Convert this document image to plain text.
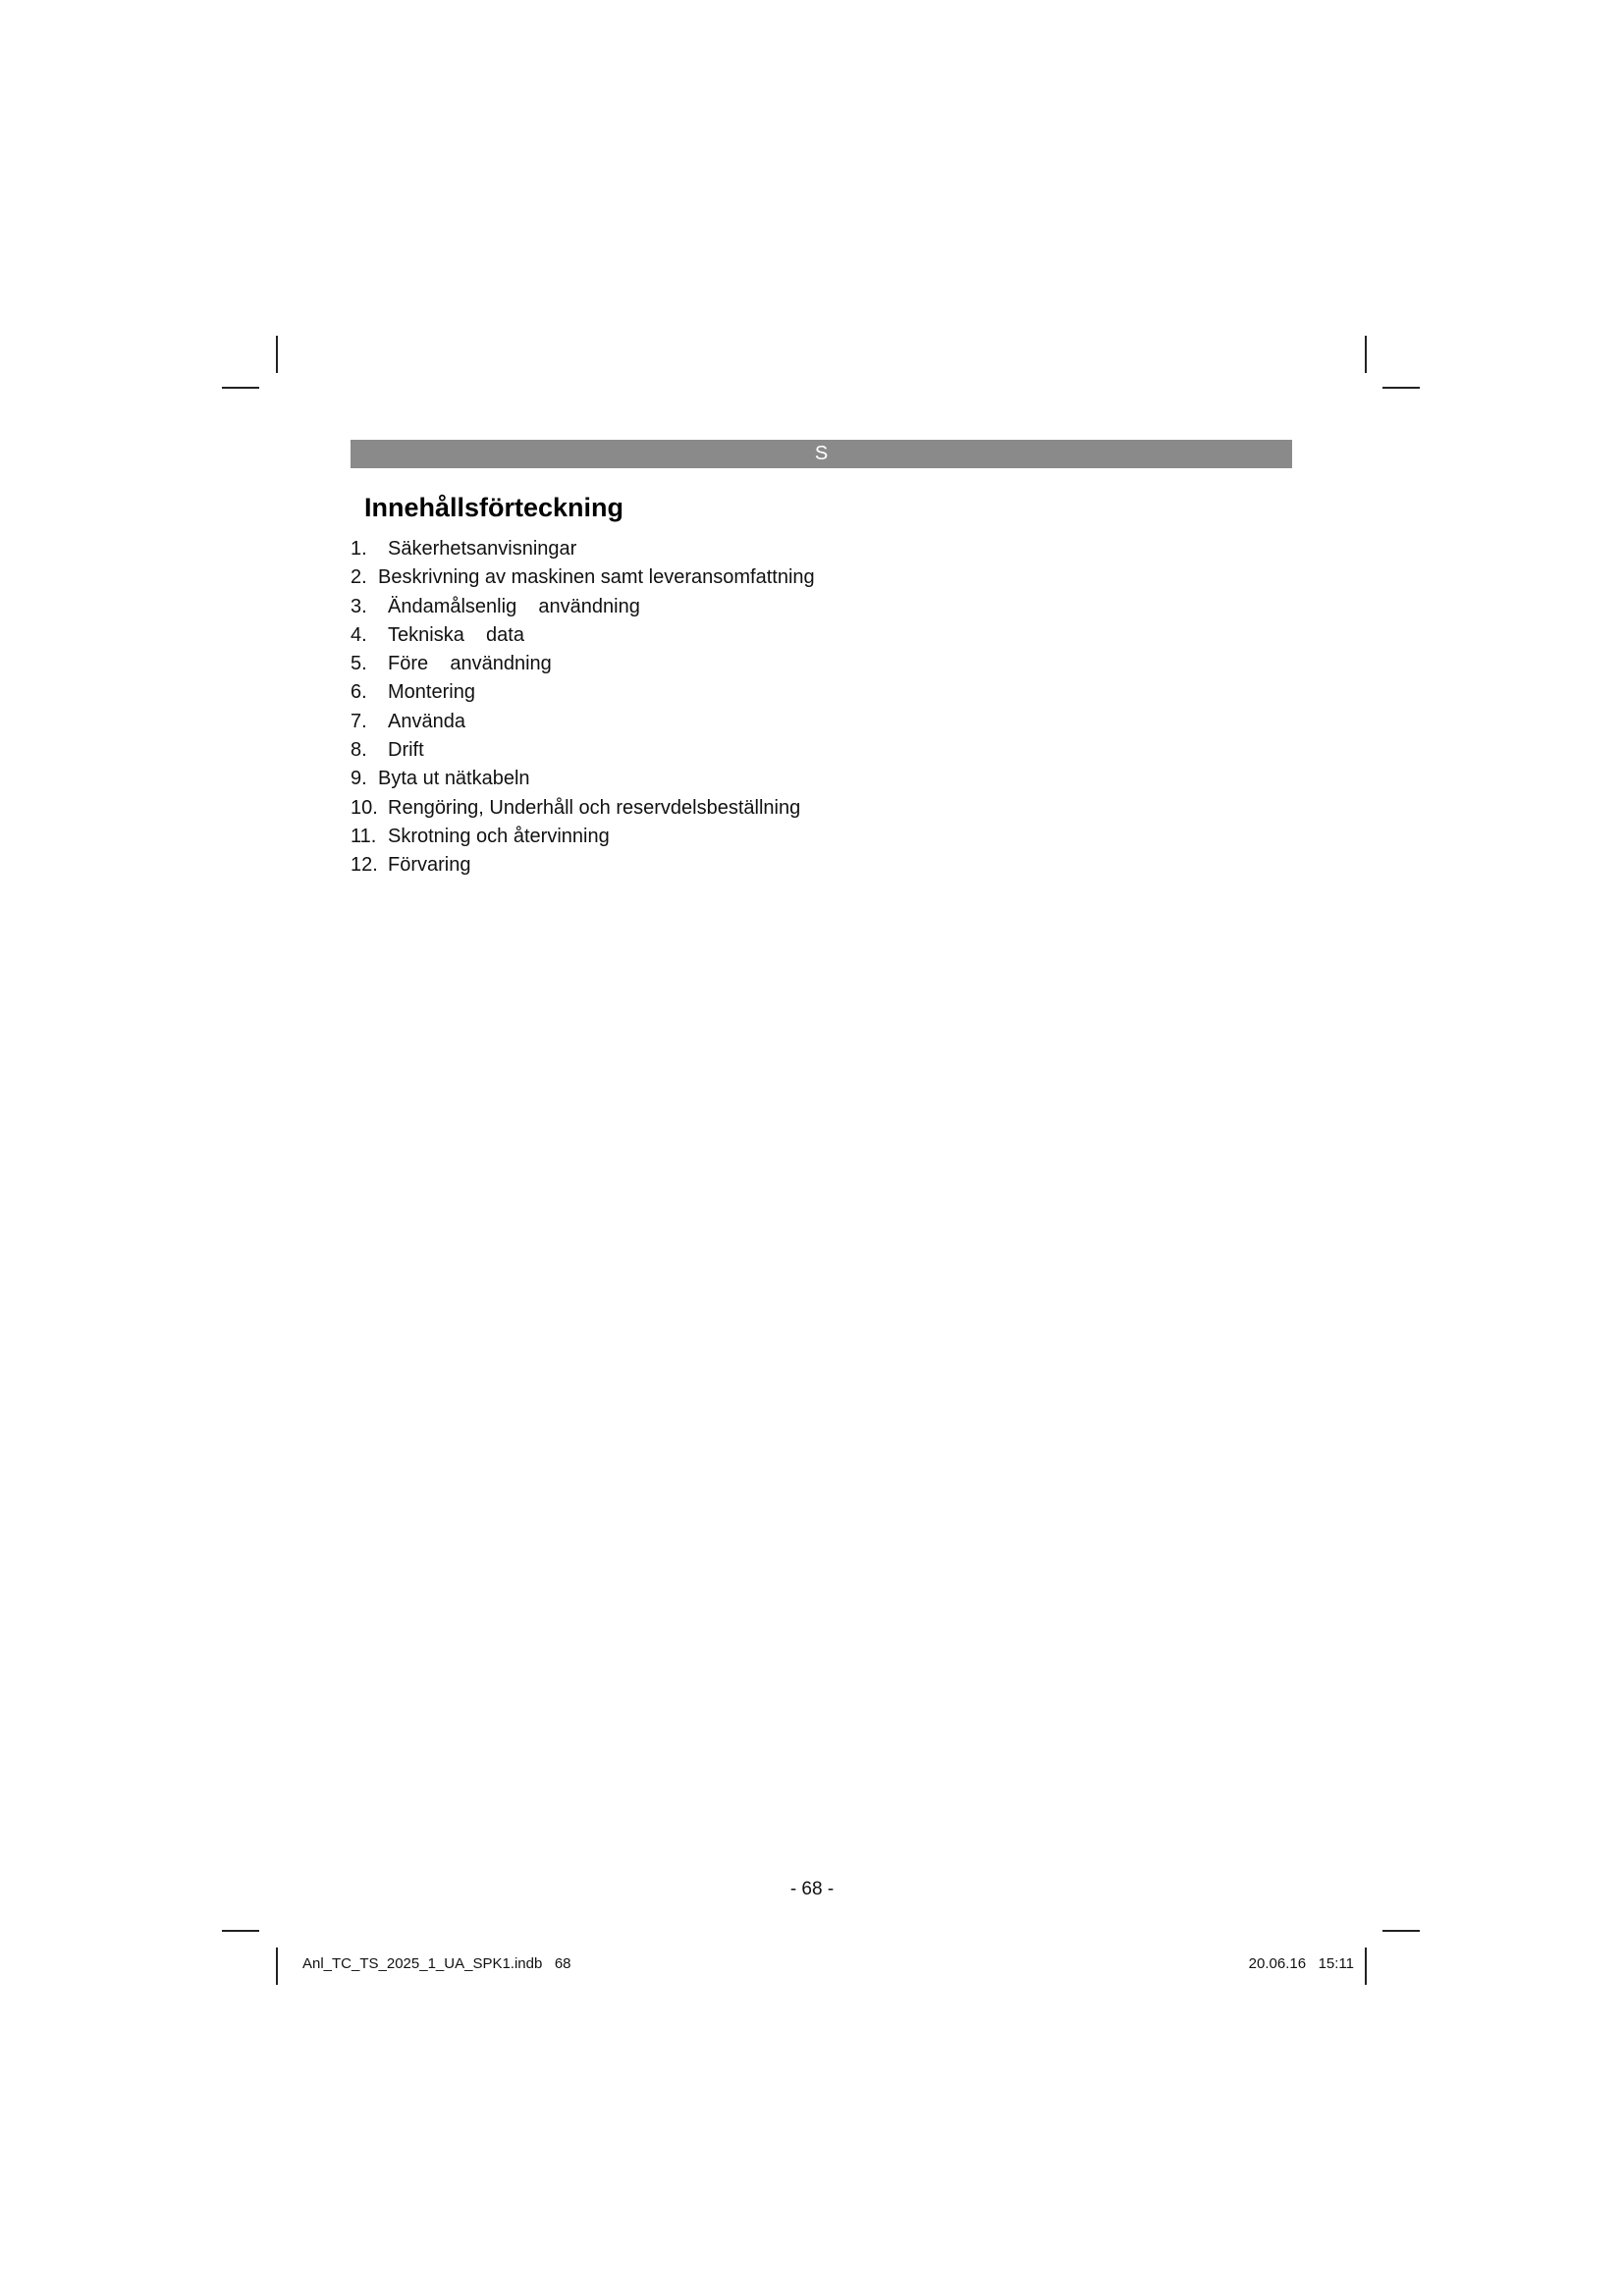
S
Innehållsförteckning
1. Säkerhetsanvisningar
2. Beskrivning av maskinen samt leveransomfattning
3. Ändamålsenlig    användning
4. Tekniska    data
5. Före    användning
6. Montering
7. Använda
8. Drift
9. Byta ut nätkabeln
10. Rengöring, Underhåll och reservdelsbeställning
11. Skrotning och återvinning
12. Förvaring
- 68 -
Anl_TC_TS_2025_1_UA_SPK1.indb   68	20.06.16   15:11
